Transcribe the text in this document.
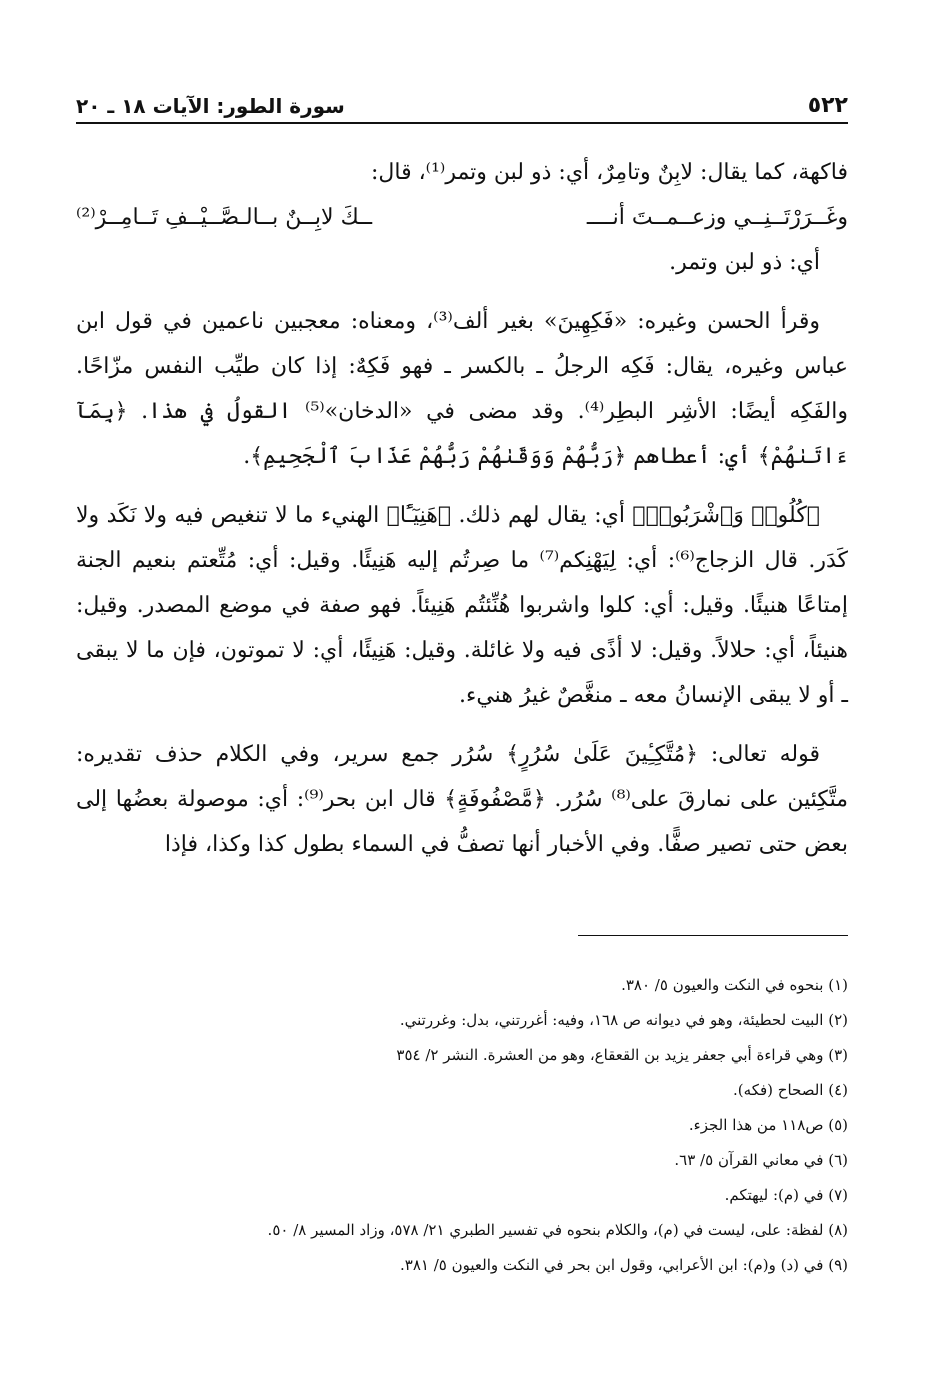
٥٢٢
سورة الطور: الآيات ١٨ ـ ٢٠

فاكهة، كما يقال: لابِنٌ وتامِرٌ، أي: ذو لبن وتمر⁽¹⁾، قال:

وغَــرَرْتَــنِــي وزعــمــتَ أنــــ
ــكَ لابِــنٌ بــالـصَّــيْــفِ تَــامِــرْ⁽²⁾

أي: ذو لبن وتمر.

وقرأ الحسن وغيره: «فَكِهِينَ» بغير ألف⁽³⁾، ومعناه: معجبين ناعمين في قول ابن عباس وغيره، يقال: فَكِه الرجلُ ـ بالكسر ـ فهو فَكِهٌ: إذا كان طيِّب النفس مزّاحًا. والفَكِه أيضًا: الأشِر البطِر⁽⁴⁾. وقد مضى في «الدخان»⁽⁵⁾ القولُ في هذا. ﴿بِمَآ ءَاتَىٰهُمْ﴾ أي: أعطاهم ﴿رَبُّهُمْ وَوَقَىٰهُمْ رَبُّهُمْ عَذَابَ ٱلْجَحِيمِ﴾.

﴿كُلُوا۟ وَٱشْرَبُوا۟﴾ أي: يقال لهم ذلك. ﴿هَنِيٓـًٔا﴾ الهنيء ما لا تنغيص فيه ولا نَكَد ولا كَدَر. قال الزجاج⁽⁶⁾: أي: لِيَهْنِكم⁽⁷⁾ ما صِرتُم إليه هَنِيئًا. وقيل: أي: مُتِّعتم بنعيم الجنة إمتاعًا هنيئًا. وقيل: أي: كلوا واشربوا هُنِّئتُم هَنِيئاً. فهو صفة في موضع المصدر. وقيل: هنيئاً، أي: حلالاً. وقيل: لا أذًى فيه ولا غائلة. وقيل: هَنِيئًا، أي: لا تموتون، فإن ما لا يبقى ـ أو لا يبقى الإنسانُ معه ـ منغَّصٌ غيرُ هنيء.

قوله تعالى: ﴿مُتَّكِـِٔينَ عَلَىٰ سُرُرٍ﴾ سُرُر جمع سرير، وفي الكلام حذف تقديره: متَّكِئين على نمارقَ على⁽⁸⁾ سُرُر. ﴿مَّصْفُوفَةٍ﴾ قال ابن بحر⁽⁹⁾: أي: موصولة بعضُها إلى بعض حتى تصير صفًّا. وفي الأخبار أنها تصفُّ في السماء بطول كذا وكذا، فإذا

(١) بنحوه في النكت والعيون ٥/ ٣٨٠.
(٢) البيت لحطيئة، وهو في ديوانه ص ١٦٨، وفيه: أغررتني، بدل: وغررتني.
(٣) وهي قراءة أبي جعفر يزيد بن القعقاع، وهو من العشرة. النشر ٢/ ٣٥٤
(٤) الصحاح (فكه).
(٥) ص١١٨ من هذا الجزء.
(٦) في معاني القرآن ٥/ ٦٣.
(٧) في (م): ليهتكم.
(٨) لفظة: على، ليست في (م)، والكلام بنحوه في تفسير الطبري ٢١/ ٥٧٨، وزاد المسير ٨/ ٥٠.
(٩) في (د) و(م): ابن الأعرابي، وقول ابن بحر في النكت والعيون ٥/ ٣٨١.
